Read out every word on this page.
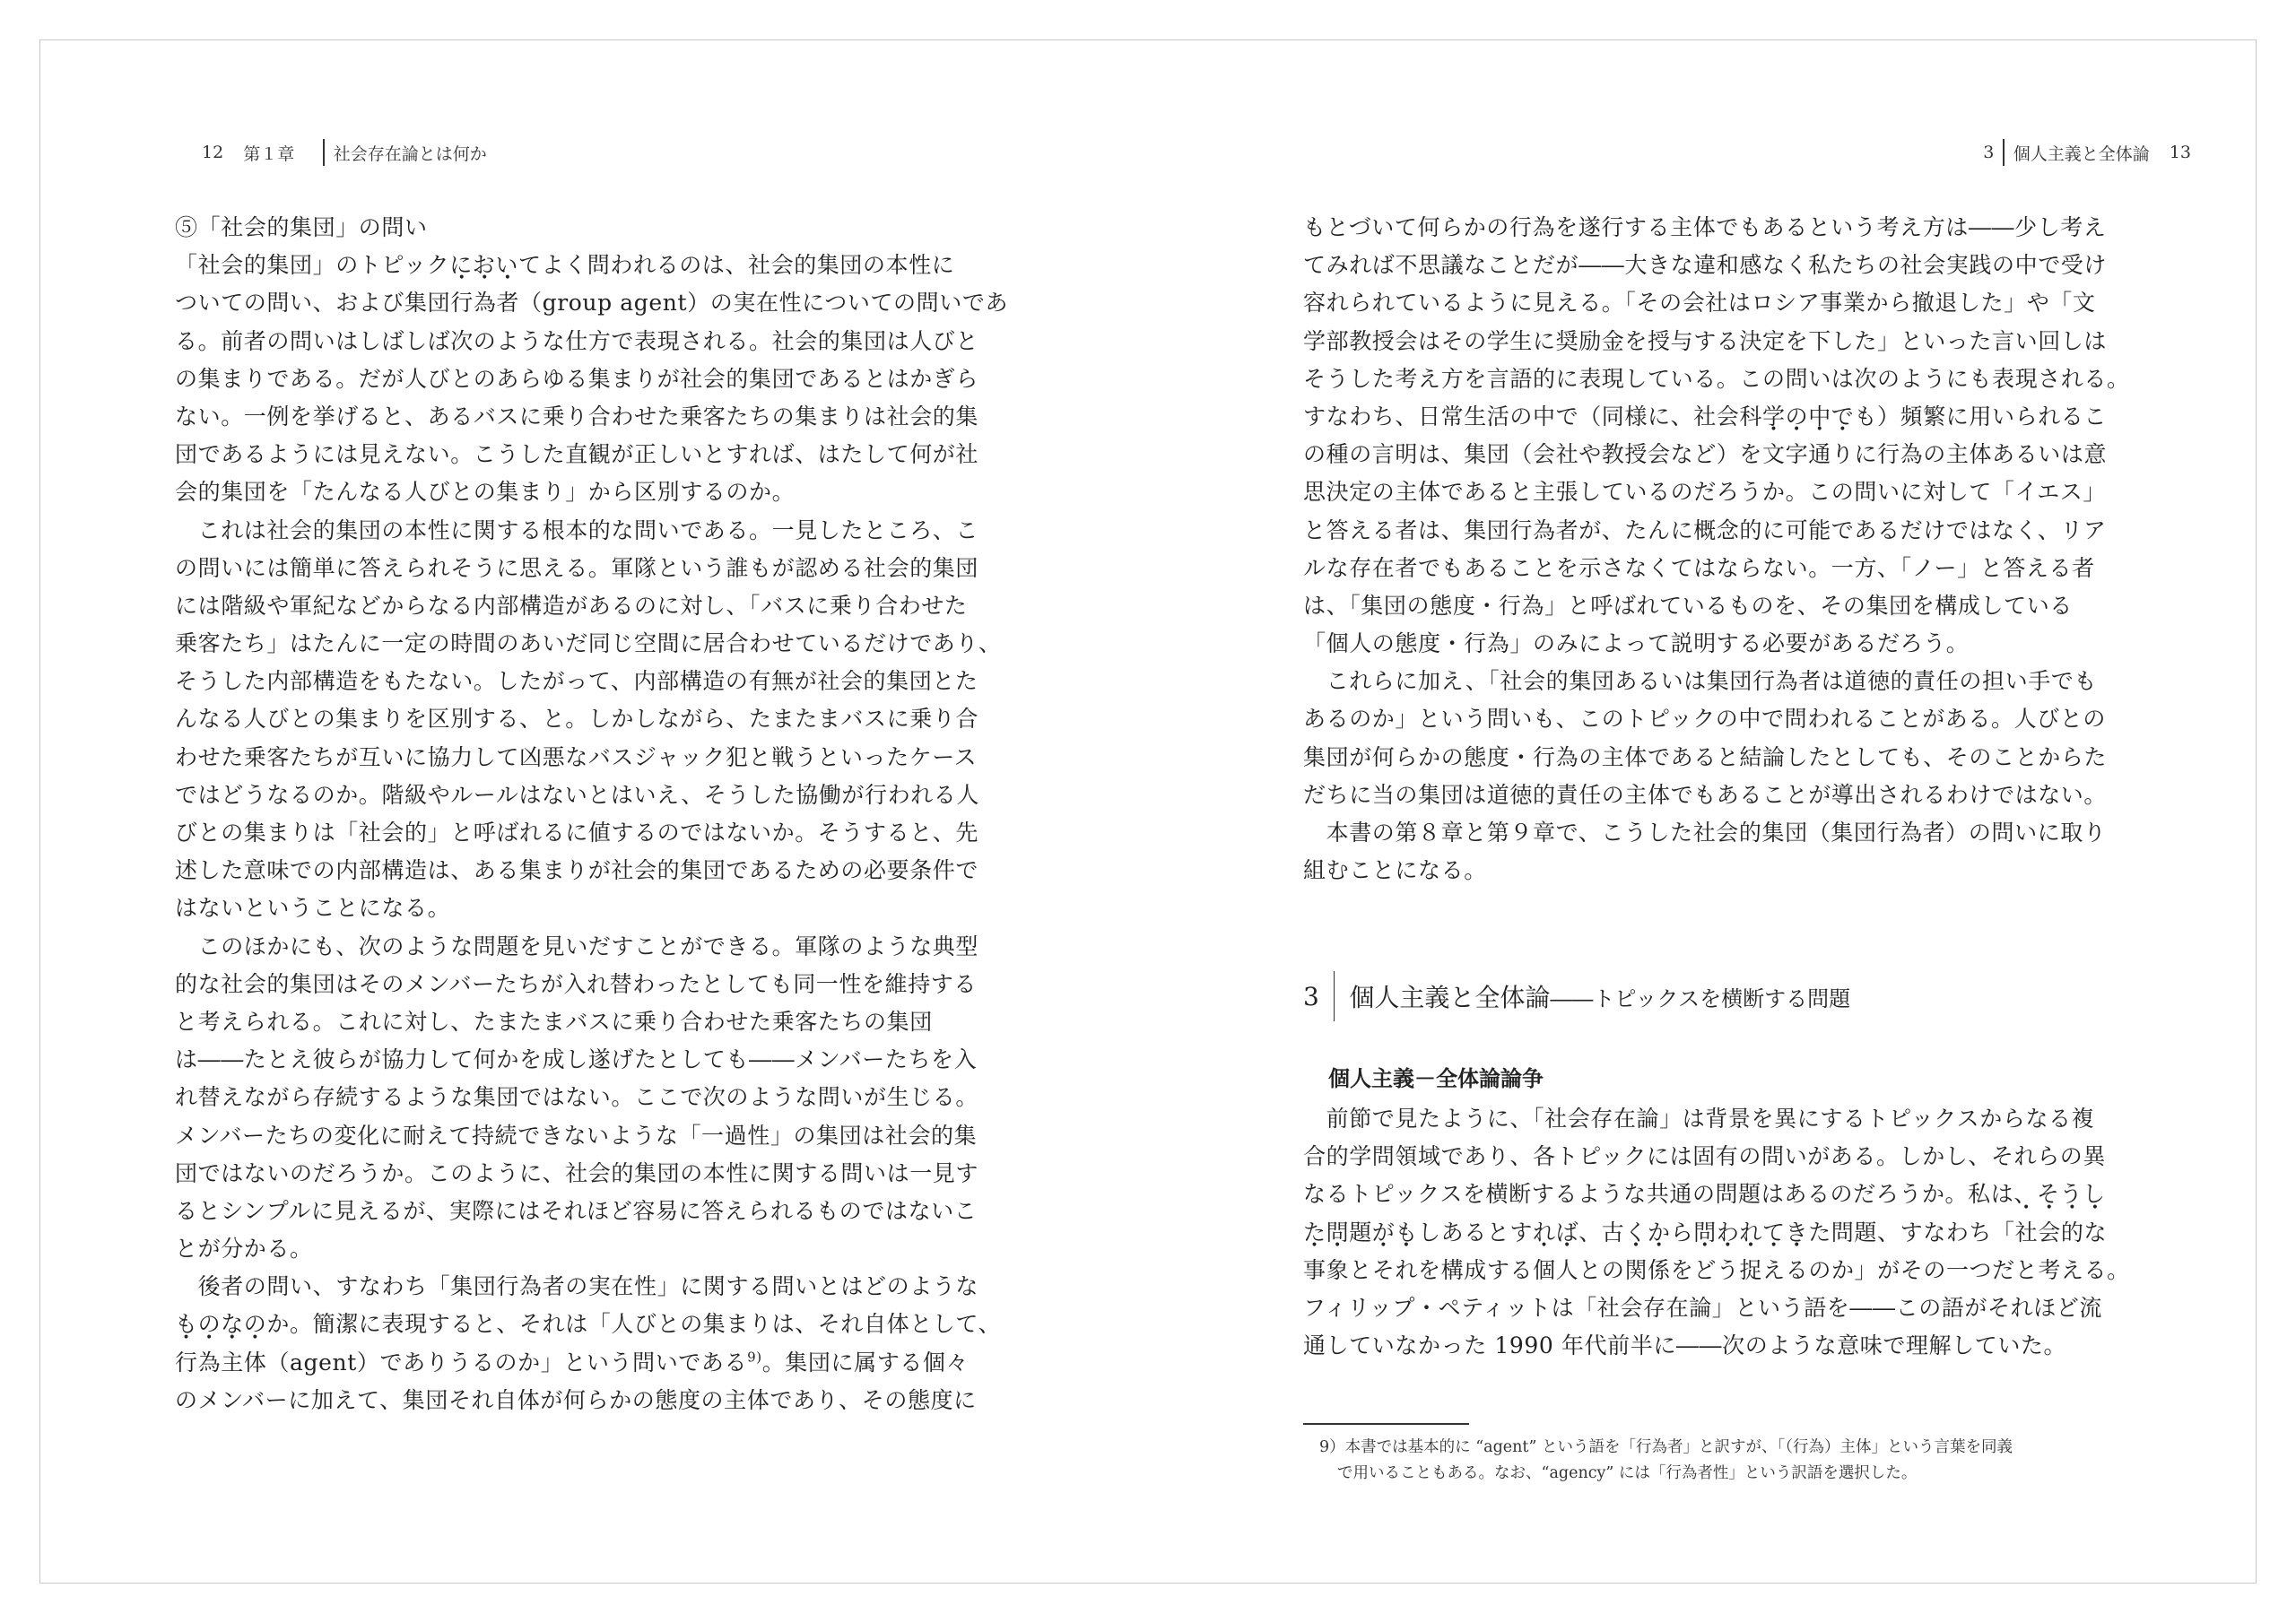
12 第１章 社会存在論とは何か
⑤「社会的集団」の問い
「社会的集団」のトピックにおいてよく問われるのは、社会的集団の本性に
ついての問い、および集団行為者（group agent）の実在性についての問いであ
る。前者の問いはしばしば次のような仕方で表現される。社会的集団は人びと
の集まりである。だが人びとのあらゆる集まりが社会的集団であるとはかぎら
ない。一例を挙げると、あるバスに乗り合わせた乗客たちの集まりは社会的集
団であるようには見えない。こうした直観が正しいとすれば、はたして何が社
会的集団を「たんなる人びとの集まり」から区別するのか。
　これは社会的集団の本性に関する根本的な問いである。一見したところ、こ
の問いには簡単に答えられそうに思える。軍隊という誰もが認める社会的集団
には階級や軍紀などからなる内部構造があるのに対し、「バスに乗り合わせた
乗客たち」はたんに一定の時間のあいだ同じ空間に居合わせているだけであり、
そうした内部構造をもたない。したがって、内部構造の有無が社会的集団とた
んなる人びとの集まりを区別する、と。しかしながら、たまたまバスに乗り合
わせた乗客たちが互いに協力して凶悪なバスジャック犯と戦うといったケース
ではどうなるのか。階級やルールはないとはいえ、そうした協働が行われる人
びとの集まりは「社会的」と呼ばれるに値するのではないか。そうすると、先
述した意味での内部構造は、ある集まりが社会的集団であるための必要条件で
はないということになる。
　このほかにも、次のような問題を見いだすことができる。軍隊のような典型
的な社会的集団はそのメンバーたちが入れ替わったとしても同一性を維持する
と考えられる。これに対し、たまたまバスに乗り合わせた乗客たちの集団
は――たとえ彼らが協力して何かを成し遂げたとしても――メンバーたちを入
れ替えながら存続するような集団ではない。ここで次のような問いが生じる。
メンバーたちの変化に耐えて持続できないような「一過性」の集団は社会的集
団ではないのだろうか。このように、社会的集団の本性に関する問いは一見す
るとシンプルに見えるが、実際にはそれほど容易に答えられるものではないこ
とが分かる。
　後者の問い、すなわち「集団行為者の実在性」に関する問いとはどのような
ものなのか。簡潔に表現すると、それは「人びとの集まりは、それ自体として、
行為主体（agent）でありうるのか」という問いである$^{9)}$。集団に属する個々
のメンバーに加えて、集団それ自体が何らかの態度の主体であり、その態度に
3 個人主義と全体論 13
もとづいて何らかの行為を遂行する主体でもあるという考え方は――少し考え
てみれば不思議なことだが――大きな違和感なく私たちの社会実践の中で受け
容れられているように見える。「その会社はロシア事業から撤退した」や「文
学部教授会はその学生に奨励金を授与する決定を下した」といった言い回しは
そうした考え方を言語的に表現している。この問いは次のようにも表現される。
すなわち、日常生活の中で（同様に、社会科学の中でも）頻繁に用いられるこ
の種の言明は、集団（会社や教授会など）を文字通りに行為の主体あるいは意
思決定の主体であると主張しているのだろうか。この問いに対して「イエス」
と答える者は、集団行為者が、たんに概念的に可能であるだけではなく、リア
ルな存在者でもあることを示さなくてはならない。一方、「ノー」と答える者
は、「集団の態度・行為」と呼ばれているものを、その集団を構成している
「個人の態度・行為」のみによって説明する必要があるだろう。
　これらに加え、「社会的集団あるいは集団行為者は道徳的責任の担い手でも
あるのか」という問いも、このトピックの中で問われることがある。人びとの
集団が何らかの態度・行為の主体であると結論したとしても、そのことからた
だちに当の集団は道徳的責任の主体でもあることが導出されるわけではない。
　本書の第８章と第９章で、こうした社会的集団（集団行為者）の問いに取り
組むことになる。
3 個人主義と全体論 ――トピックスを横断する問題
個人主義－全体論論争
　前節で見たように、「社会存在論」は背景を異にするトピックスからなる複
合的学問領域であり、各トピックには固有の問いがある。しかし、それらの異
なるトピックスを横断するような共通の問題はあるのだろうか。私は、そうし
た問題がもしあるとすれば、古くから問われてきた問題、すなわち「社会的な
事象とそれを構成する個人との関係をどう捉えるのか」がその一つだと考える。
フィリップ・ペティットは「社会存在論」という語を――この語がそれほど流
通していなかった 1990 年代前半に――次のような意味で理解していた。
9）本書では基本的に “agent” という語を「行為者」と訳すが、「（行為）主体」という言葉を同義
で用いることもある。なお、“agency” には「行為者性」という訳語を選択した。
